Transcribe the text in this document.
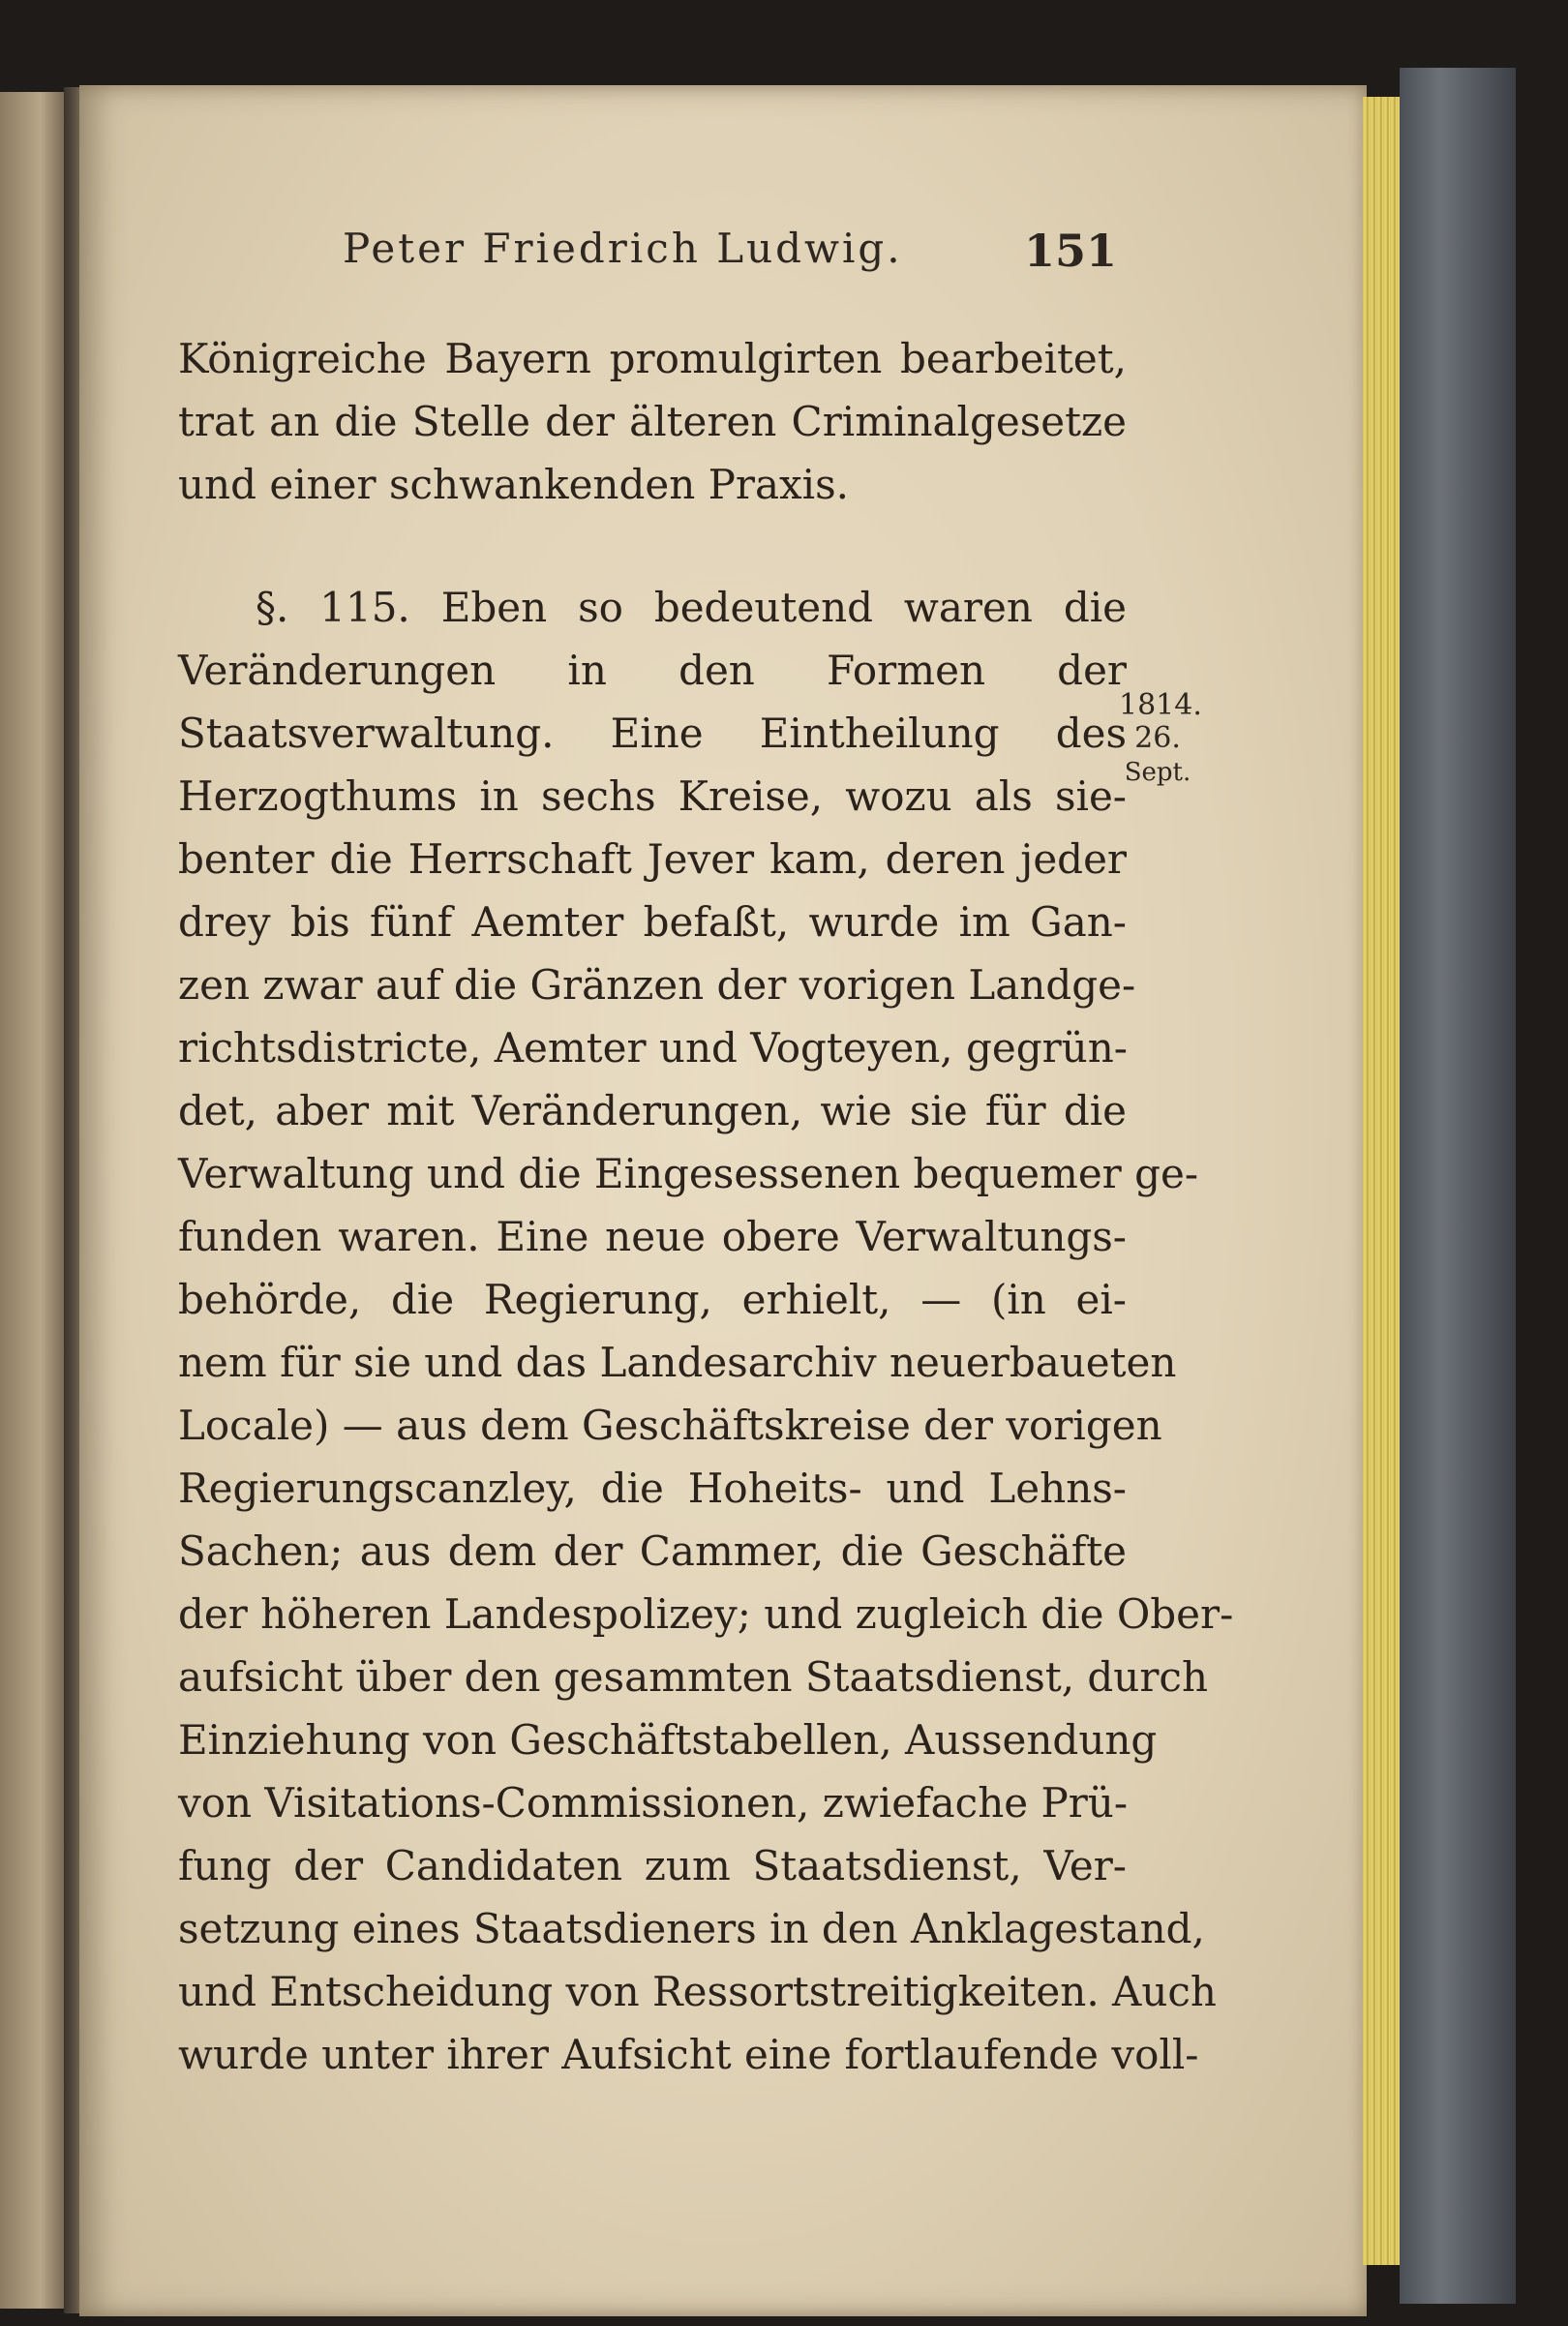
Peter Friedrich Ludwig.	151
Königreiche Bayern promulgirten bearbeitet,
trat an die Stelle der älteren Criminalgesetze
und einer schwankenden Praxis.
§. 115. Eben so bedeutend waren die
Veränderungen in den Formen der
Staatsverwaltung. Eine Eintheilung des
Herzogthums in sechs Kreise, wozu als sie-
benter die Herrschaft Jever kam, deren jeder
drey bis fünf Aemter befaßt, wurde im Gan-
zen zwar auf die Gränzen der vorigen Landge-
richtsdistricte, Aemter und Vogteyen, gegrün-
det, aber mit Veränderungen, wie sie für die
Verwaltung und die Eingesessenen bequemer ge-
funden waren. Eine neue obere Verwaltungs-
behörde, die Regierung, erhielt, — (in ei-
nem für sie und das Landesarchiv neuerbaueten
Locale) — aus dem Geschäftskreise der vorigen
Regierungscanzley, die Hoheits- und Lehns-
Sachen; aus dem der Cammer, die Geschäfte
der höheren Landespolizey; und zugleich die Ober-
aufsicht über den gesammten Staatsdienst, durch
Einziehung von Geschäftstabellen, Aussendung
von Visitations-Commissionen, zwiefache Prü-
fung der Candidaten zum Staatsdienst, Ver-
setzung eines Staatsdieners in den Anklagestand,
und Entscheidung von Ressortstreitigkeiten. Auch
wurde unter ihrer Aufsicht eine fortlaufende voll-
1814.
26.
Sept.
